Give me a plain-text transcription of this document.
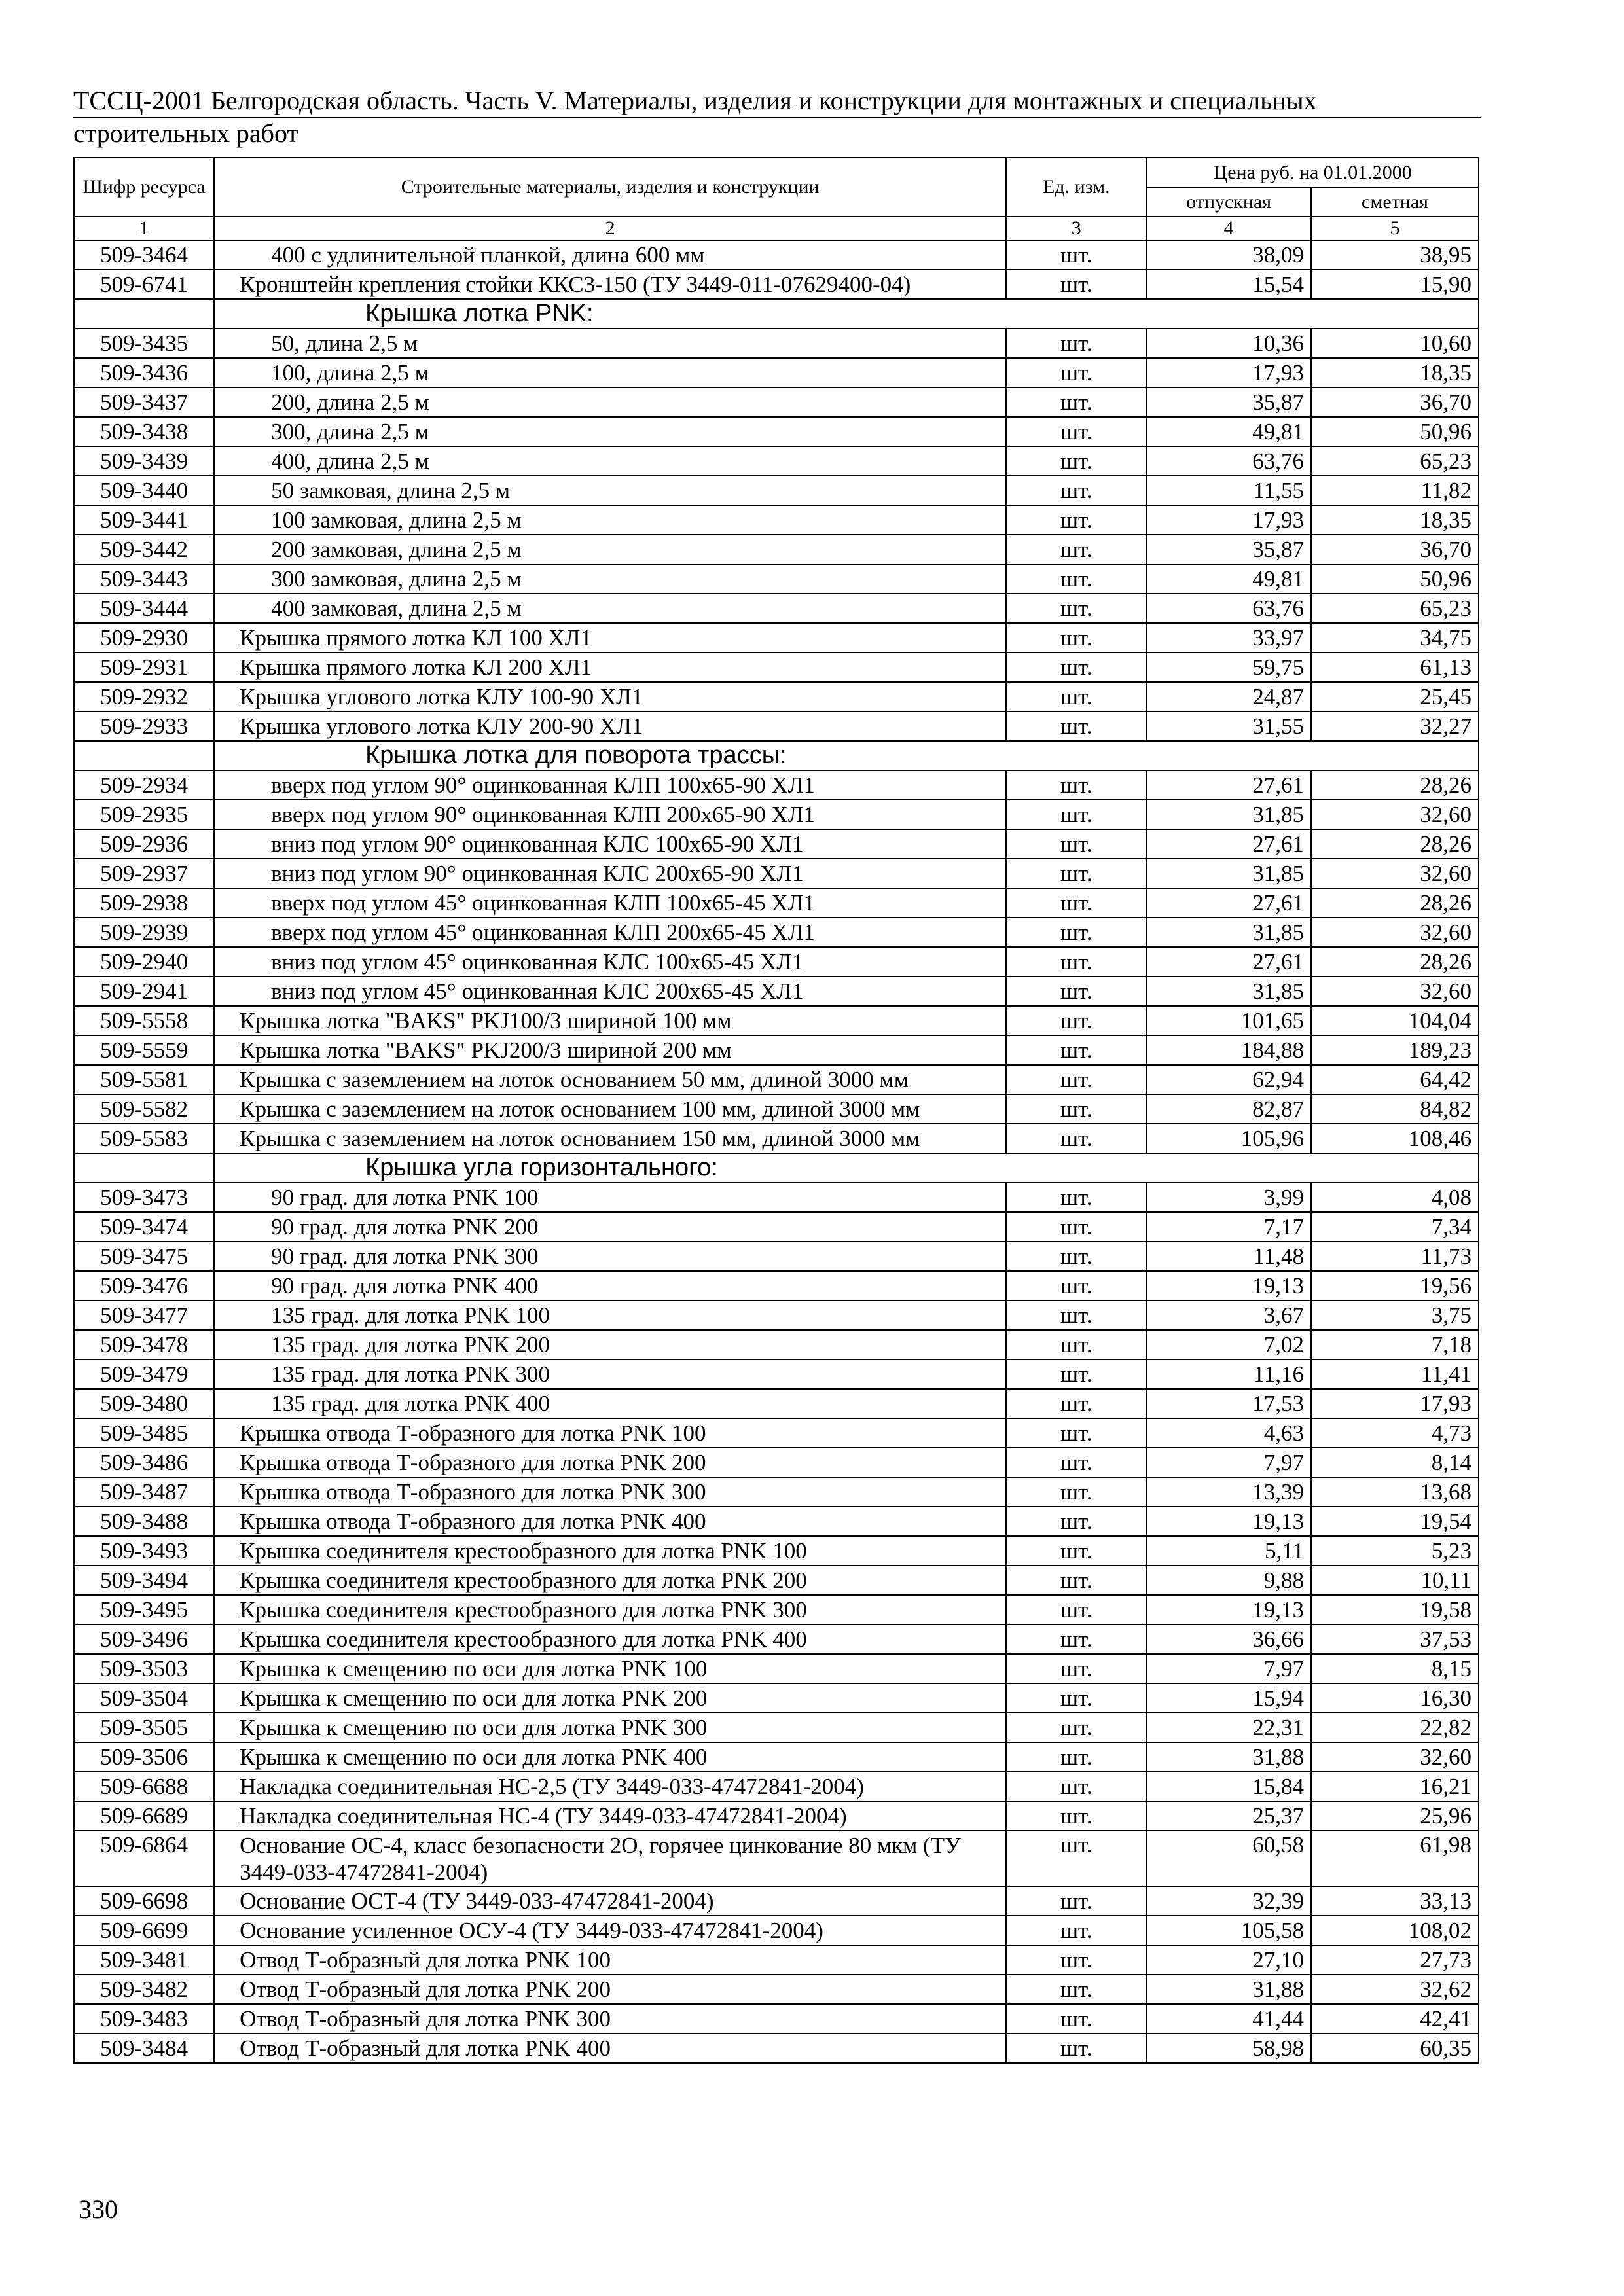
ТССЦ-2001 Белгородская область. Часть V. Материалы, изделия и конструкции для монтажных и специальных
строительных работ
Шифр ресурса	Строительные материалы, изделия и конструкции	Ед. изм.	Цена руб. на 01.01.2000	
			отпускная	сметная
1	2	3	4	5
509-3464	400 с удлинительной планкой, длина 600 мм	шт.	38,09	38,95
509-6741	Кронштейн крепления стойки ККС3-150 (ТУ 3449-011-07629400-04)	шт.	15,54	15,90
	Крышка лотка PNK:			
509-3435	50, длина 2,5 м	шт.	10,36	10,60
509-3436	100, длина 2,5 м	шт.	17,93	18,35
509-3437	200, длина 2,5 м	шт.	35,87	36,70
509-3438	300, длина 2,5 м	шт.	49,81	50,96
509-3439	400, длина 2,5 м	шт.	63,76	65,23
509-3440	50 замковая, длина 2,5 м	шт.	11,55	11,82
509-3441	100 замковая, длина 2,5 м	шт.	17,93	18,35
509-3442	200 замковая, длина 2,5 м	шт.	35,87	36,70
509-3443	300 замковая, длина 2,5 м	шт.	49,81	50,96
509-3444	400 замковая, длина 2,5 м	шт.	63,76	65,23
509-2930	Крышка прямого лотка КЛ 100 ХЛ1	шт.	33,97	34,75
509-2931	Крышка прямого лотка КЛ 200 ХЛ1	шт.	59,75	61,13
509-2932	Крышка углового лотка КЛУ 100-90 ХЛ1	шт.	24,87	25,45
509-2933	Крышка углового лотка КЛУ 200-90 ХЛ1	шт.	31,55	32,27
	Крышка лотка для поворота трассы:			
509-2934	вверх под углом 90° оцинкованная КЛП 100х65-90 ХЛ1	шт.	27,61	28,26
509-2935	вверх под углом 90° оцинкованная КЛП 200х65-90 ХЛ1	шт.	31,85	32,60
509-2936	вниз под углом 90° оцинкованная КЛС 100х65-90 ХЛ1	шт.	27,61	28,26
509-2937	вниз под углом 90° оцинкованная КЛС 200х65-90 ХЛ1	шт.	31,85	32,60
509-2938	вверх под углом 45° оцинкованная КЛП 100х65-45 ХЛ1	шт.	27,61	28,26
509-2939	вверх под углом 45° оцинкованная КЛП 200х65-45 ХЛ1	шт.	31,85	32,60
509-2940	вниз под углом 45° оцинкованная КЛС 100х65-45 ХЛ1	шт.	27,61	28,26
509-2941	вниз под углом 45° оцинкованная КЛС 200х65-45 ХЛ1	шт.	31,85	32,60
509-5558	Крышка лотка "BAKS" PKJ100/3 шириной 100 мм	шт.	101,65	104,04
509-5559	Крышка лотка "BAKS" PKJ200/3 шириной 200 мм	шт.	184,88	189,23
509-5581	Крышка с заземлением на лоток основанием 50 мм, длиной 3000 мм	шт.	62,94	64,42
509-5582	Крышка с заземлением на лоток основанием 100 мм, длиной 3000 мм	шт.	82,87	84,82
509-5583	Крышка с заземлением на лоток основанием 150 мм, длиной 3000 мм	шт.	105,96	108,46
	Крышка угла горизонтального:			
509-3473	90 град. для лотка PNK 100	шт.	3,99	4,08
509-3474	90 град. для лотка PNK 200	шт.	7,17	7,34
509-3475	90 град. для лотка PNK 300	шт.	11,48	11,73
509-3476	90 град. для лотка PNK 400	шт.	19,13	19,56
509-3477	135 град. для лотка PNK 100	шт.	3,67	3,75
509-3478	135 град. для лотка PNK 200	шт.	7,02	7,18
509-3479	135 град. для лотка PNK 300	шт.	11,16	11,41
509-3480	135 град. для лотка PNK 400	шт.	17,53	17,93
509-3485	Крышка отвода Т-образного для лотка PNK 100	шт.	4,63	4,73
509-3486	Крышка отвода Т-образного для лотка PNK 200	шт.	7,97	8,14
509-3487	Крышка отвода Т-образного для лотка PNK 300	шт.	13,39	13,68
509-3488	Крышка отвода Т-образного для лотка PNK 400	шт.	19,13	19,54
509-3493	Крышка соединителя крестообразного для лотка PNK 100	шт.	5,11	5,23
509-3494	Крышка соединителя крестообразного для лотка PNK 200	шт.	9,88	10,11
509-3495	Крышка соединителя крестообразного для лотка PNK 300	шт.	19,13	19,58
509-3496	Крышка соединителя крестообразного для лотка PNK 400	шт.	36,66	37,53
509-3503	Крышка к смещению по оси для лотка PNK 100	шт.	7,97	8,15
509-3504	Крышка к смещению по оси для лотка PNK 200	шт.	15,94	16,30
509-3505	Крышка к смещению по оси для лотка PNK 300	шт.	22,31	22,82
509-3506	Крышка к смещению по оси для лотка PNK 400	шт.	31,88	32,60
509-6688	Накладка соединительная НС-2,5 (ТУ 3449-033-47472841-2004)	шт.	15,84	16,21
509-6689	Накладка соединительная НС-4 (ТУ 3449-033-47472841-2004)	шт.	25,37	25,96
509-6864	Основание ОС-4, класс безопасности 2О, горячее цинкование 80 мкм (ТУ 3449-033-47472841-2004)	шт.	60,58	61,98
509-6698	Основание ОСТ-4 (ТУ 3449-033-47472841-2004)	шт.	32,39	33,13
509-6699	Основание усиленное ОСУ-4 (ТУ 3449-033-47472841-2004)	шт.	105,58	108,02
509-3481	Отвод Т-образный для лотка PNK 100	шт.	27,10	27,73
509-3482	Отвод Т-образный для лотка PNK 200	шт.	31,88	32,62
509-3483	Отвод Т-образный для лотка PNK 300	шт.	41,44	42,41
509-3484	Отвод Т-образный для лотка PNK 400	шт.	58,98	60,35
330
